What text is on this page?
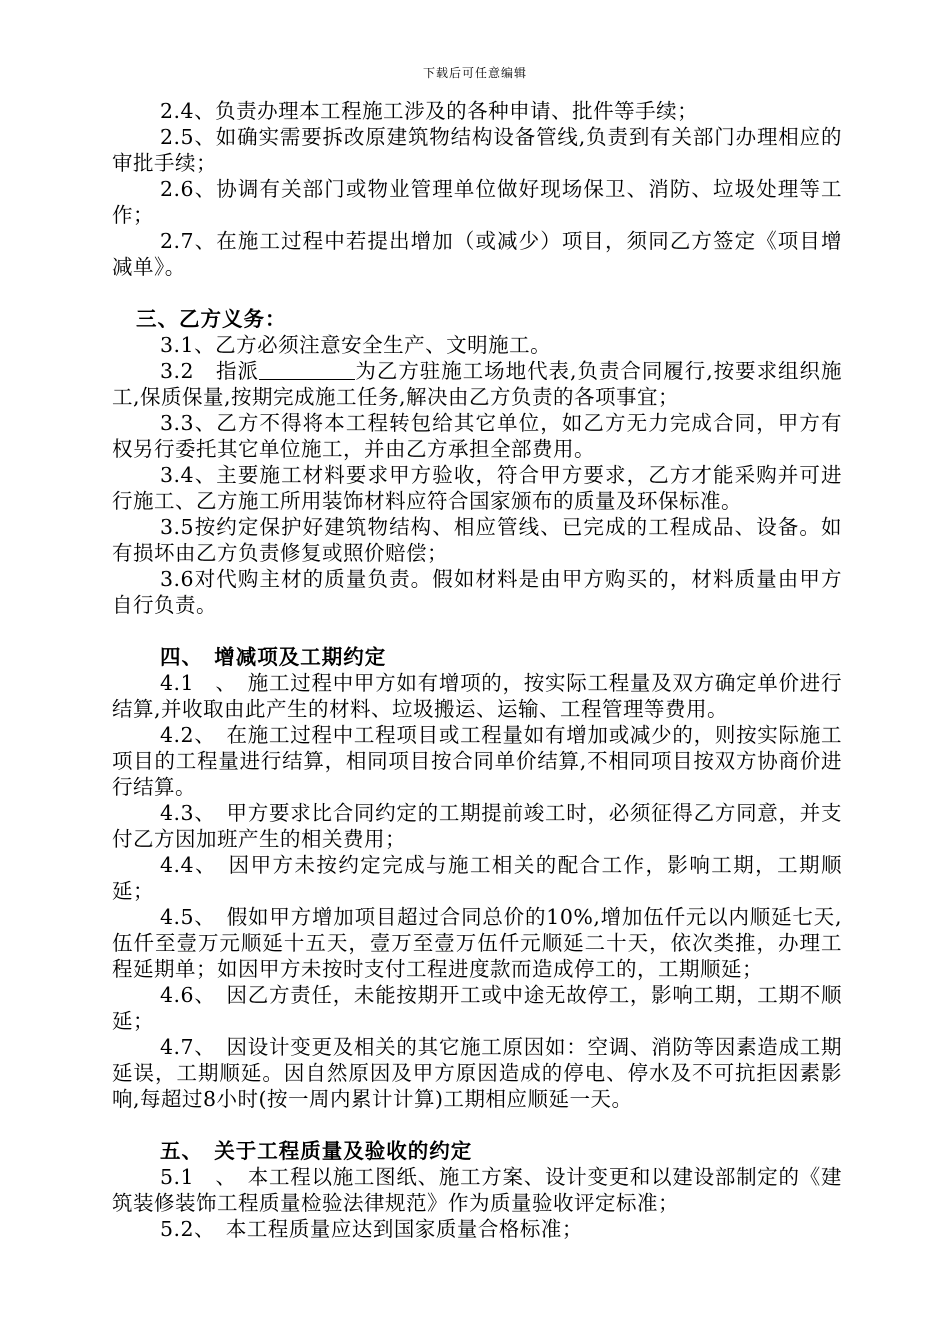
下载后可任意编辑

2.4、负责办理本工程施工涉及的各种申请、批件等手续；

2.5、如确实需要拆改原建筑物结构设备管线,负责到有关部门办理相应的审批手续；

2.6、协调有关部门或物业管理单位做好现场保卫、消防、垃圾处理等工作；

2.7、在施工过程中若提出增加（或减少）项目，须同乙方签定《项目增减单》。

三、乙方义务：

3.1、乙方必须注意安全生产、文明施工。

3.2　指派	为乙方驻施工场地代表,负责合同履行,按要求组织施工,保质保量,按期完成施工任务,解决由乙方负责的各项事宜；

3.3、乙方不得将本工程转包给其它单位，如乙方无力完成合同，甲方有权另行委托其它单位施工，并由乙方承担全部费用。

3.4、主要施工材料要求甲方验收，符合甲方要求，乙方才能采购并可进行施工、乙方施工所用装饰材料应符合国家颁布的质量及环保标准。

3.5按约定保护好建筑物结构、相应管线、已完成的工程成品、设备。如有损坏由乙方负责修复或照价赔偿；

3.6对代购主材的质量负责。假如材料是由甲方购买的，材料质量由甲方自行负责。

四、　增减项及工期约定

4.1　、　施工过程中甲方如有增项的，按实际工程量及双方确定单价进行结算,并收取由此产生的材料、垃圾搬运、运输、工程管理等费用。

4.2、　在施工过程中工程项目或工程量如有增加或减少的，则按实际施工项目的工程量进行结算，相同项目按合同单价结算,不相同项目按双方协商价进行结算。

4.3、　甲方要求比合同约定的工期提前竣工时，必须征得乙方同意，并支付乙方因加班产生的相关费用；

4.4、　因甲方未按约定完成与施工相关的配合工作，影响工期，工期顺延；

4.5、　假如甲方增加项目超过合同总价的10%,增加伍仟元以内顺延七天,伍仟至壹万元顺延十五天，壹万至壹万伍仟元顺延二十天，依次类推，办理工程延期单；如因甲方未按时支付工程进度款而造成停工的，工期顺延；

4.6、　因乙方责任，未能按期开工或中途无故停工，影响工期，工期不顺延；

4.7、　因设计变更及相关的其它施工原因如：空调、消防等因素造成工期延误，工期顺延。因自然原因及甲方原因造成的停电、停水及不可抗拒因素影响,每超过8小时(按一周内累计计算)工期相应顺延一天。

五、　关于工程质量及验收的约定

5.1　、　本工程以施工图纸、施工方案、设计变更和以建设部制定的《建筑装修装饰工程质量检验法律规范》作为质量验收评定标准；

5.2、　本工程质量应达到国家质量合格标准；
